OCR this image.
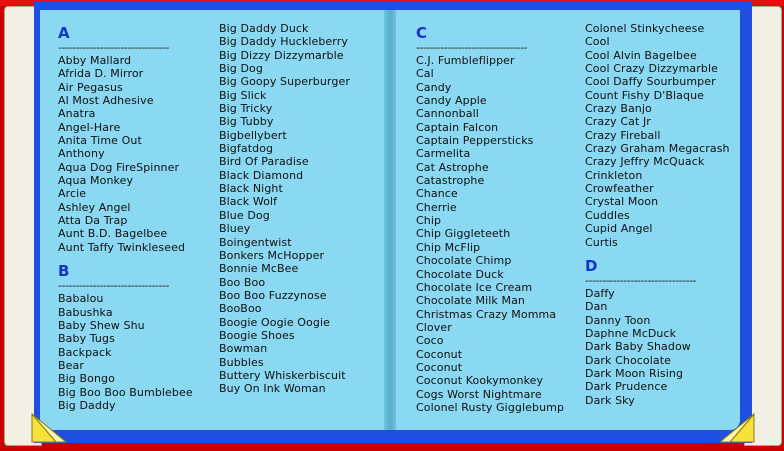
A
--------------------------------
Abby Mallard
Afrida D. Mirror
Air Pegasus
Al Most Adhesive
Anatra
Angel-Hare
Anita Time Out
Anthony
Aqua Dog FireSpinner
Aqua Monkey
Arcie
Ashley Angel
Atta Da Trap
Aunt B.D. Bagelbee
Aunt Taffy Twinkleseed
B
--------------------------------
Babalou
Babushka
Baby Shew Shu
Baby Tugs
Backpack
Bear
Big Bongo
Big Boo Boo Bumblebee
Big Daddy
Big Daddy Duck
Big Daddy Huckleberry
Big Dizzy Dizzymarble
Big Dog
Big Goopy Superburger
Big Slick
Big Tricky
Big Tubby
Bigbellybert
Bigfatdog
Bird Of Paradise
Black Diamond
Black Night
Black Wolf
Blue Dog
Bluey
Boingentwist
Bonkers McHopper
Bonnie McBee
Boo Boo
Boo Boo Fuzzynose
BooBoo
Boogie Oogie Oogie
Boogie Shoes
Bowman
Bubbles
Buttery Whiskerbiscuit
Buy On Ink Woman
C
--------------------------------
C.J. Fumbleflipper
Cal
Candy
Candy Apple
Cannonball
Captain Falcon
Captain Peppersticks
Carmelita
Cat Astrophe
Catastrophe
Chance
Cherrie
Chip
Chip Giggleteeth
Chip McFlip
Chocolate Chimp
Chocolate Duck
Chocolate Ice Cream
Chocolate Milk Man
Christmas Crazy Momma
Clover
Coco
Coconut
Coconut
Coconut Kookymonkey
Cogs Worst Nightmare
Colonel Rusty Gigglebump
Colonel Stinkycheese
Cool
Cool Alvin Bagelbee
Cool Crazy Dizzymarble
Cool Daffy Sourbumper
Count Fishy D'Blaque
Crazy Banjo
Crazy Cat Jr
Crazy Fireball
Crazy Graham Megacrash
Crazy Jeffry McQuack
Crinkleton
Crowfeather
Crystal Moon
Cuddles
Cupid Angel
Curtis
D
--------------------------------
Daffy
Dan
Danny Toon
Daphne McDuck
Dark Baby Shadow
Dark Chocolate
Dark Moon Rising
Dark Prudence
Dark Sky
